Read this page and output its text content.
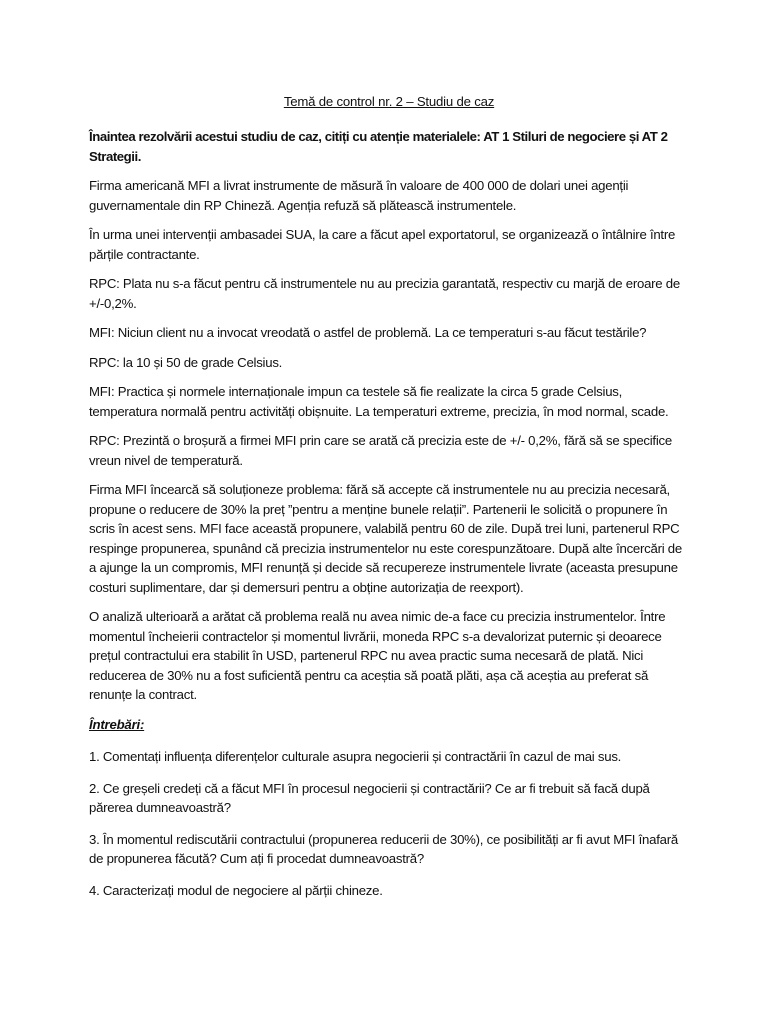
Temă de control nr. 2 – Studiu de caz

Înaintea rezolvării acestui studiu de caz, citiți cu atenție materialele: AT 1 Stiluri de negociere și AT 2 Strategii.

Firma americană MFI a livrat instrumente de măsură în valoare de 400 000 de dolari unei agenții guvernamentale din RP Chineză. Agenția refuză să plătească instrumentele.

În urma unei intervenții ambasadei SUA, la care a făcut apel exportatorul, se organizează o întâlnire între părțile contractante.

RPC: Plata nu s-a făcut pentru că instrumentele nu au precizia garantată, respectiv cu marjă de eroare de +/-0,2%.

MFI: Niciun client nu a invocat vreodată o astfel de problemă. La ce temperaturi s-au făcut testările?

RPC: la 10 și 50 de grade Celsius.

MFI: Practica și normele internaționale impun ca testele să fie realizate la circa 5 grade Celsius, temperatura normală pentru activități obișnuite. La temperaturi extreme, precizia, în mod normal, scade.

RPC: Prezintă o broșură a firmei MFI prin care se arată că precizia este de +/- 0,2%, fără să se specifice vreun nivel de temperatură.

Firma MFI încearcă să soluționeze problema: fără să accepte că instrumentele nu au precizia necesară, propune o reducere de 30% la preț ”pentru a menține bunele relații”. Partenerii le solicită o propunere în scris în acest sens. MFI face această propunere, valabilă pentru 60 de zile. După trei luni, partenerul RPC respinge propunerea, spunând că precizia instrumentelor nu este corespunzătoare. După alte încercări de a ajunge la un compromis, MFI renunță și decide să recupereze instrumentele livrate (aceasta presupune costuri suplimentare, dar și demersuri pentru a obține autorizația de reexport).

O analiză ulterioară a arătat că problema reală nu avea nimic de-a face cu precizia instrumentelor. Între momentul încheierii contractelor și momentul livrării, moneda RPC s-a devalorizat puternic și deoarece prețul contractului era stabilit în USD, partenerul RPC nu avea practic suma necesară de plată. Nici reducerea de 30% nu a fost suficientă pentru ca aceștia să poată plăti, așa că aceștia au preferat să renunțe la contract.

Întrebări:

1. Comentați influența diferențelor culturale asupra negocierii și contractării în cazul de mai sus.

2. Ce greșeli credeți că a făcut MFI în procesul negocierii și contractării? Ce ar fi trebuit să facă după părerea dumneavoastră?

3. În momentul rediscutării contractului (propunerea reducerii de 30%), ce posibilități ar fi avut MFI înafară de propunerea făcută? Cum ați fi procedat dumneavoastră?

4. Caracterizați modul de negociere al părții chineze.
